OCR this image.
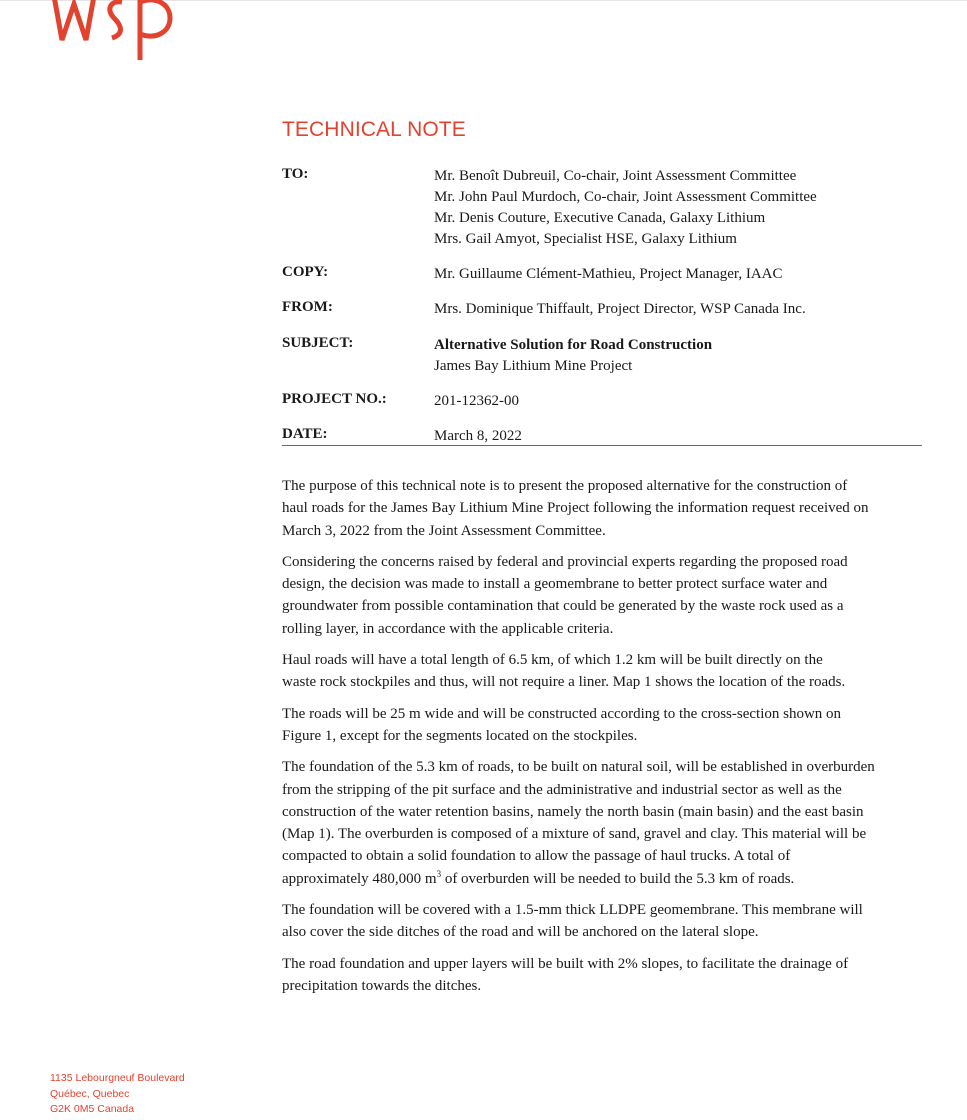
TECHNICAL NOTE
TO:	Mr. Benoît Dubreuil, Co-chair, Joint Assessment Committee
Mr. John Paul Murdoch, Co-chair, Joint Assessment Committee
Mr. Denis Couture, Executive Canada, Galaxy Lithium
Mrs. Gail Amyot, Specialist HSE, Galaxy Lithium
COPY:	Mr. Guillaume Clément-Mathieu, Project Manager, IAAC
FROM:	Mrs. Dominique Thiffault, Project Director, WSP Canada Inc.
SUBJECT:	Alternative Solution for Road Construction
James Bay Lithium Mine Project
PROJECT NO.:	201-12362-00
DATE:	March 8, 2022

The purpose of this technical note is to present the proposed alternative for the construction of
haul roads for the James Bay Lithium Mine Project following the information request received on
March 3, 2022 from the Joint Assessment Committee.

Considering the concerns raised by federal and provincial experts regarding the proposed road
design, the decision was made to install a geomembrane to better protect surface water and
groundwater from possible contamination that could be generated by the waste rock used as a
rolling layer, in accordance with the applicable criteria.

Haul roads will have a total length of 6.5 km, of which 1.2 km will be built directly on the
waste rock stockpiles and thus, will not require a liner. Map 1 shows the location of the roads.

The roads will be 25 m wide and will be constructed according to the cross-section shown on
Figure 1, except for the segments located on the stockpiles.

The foundation of the 5.3 km of roads, to be built on natural soil, will be established in overburden
from the stripping of the pit surface and the administrative and industrial sector as well as the
construction of the water retention basins, namely the north basin (main basin) and the east basin
(Map 1). The overburden is composed of a mixture of sand, gravel and clay. This material will be
compacted to obtain a solid foundation to allow the passage of haul trucks. A total of
approximately 480,000 $m^3$ of overburden will be needed to build the 5.3 km of roads.

The foundation will be covered with a 1.5-mm thick LLDPE geomembrane. This membrane will
also cover the side ditches of the road and will be anchored on the lateral slope.

The road foundation and upper layers will be built with 2% slopes, to facilitate the drainage of
precipitation towards the ditches.

1135 Lebourgneuf Boulevard
Québec, Quebec
G2K 0M5 Canada
